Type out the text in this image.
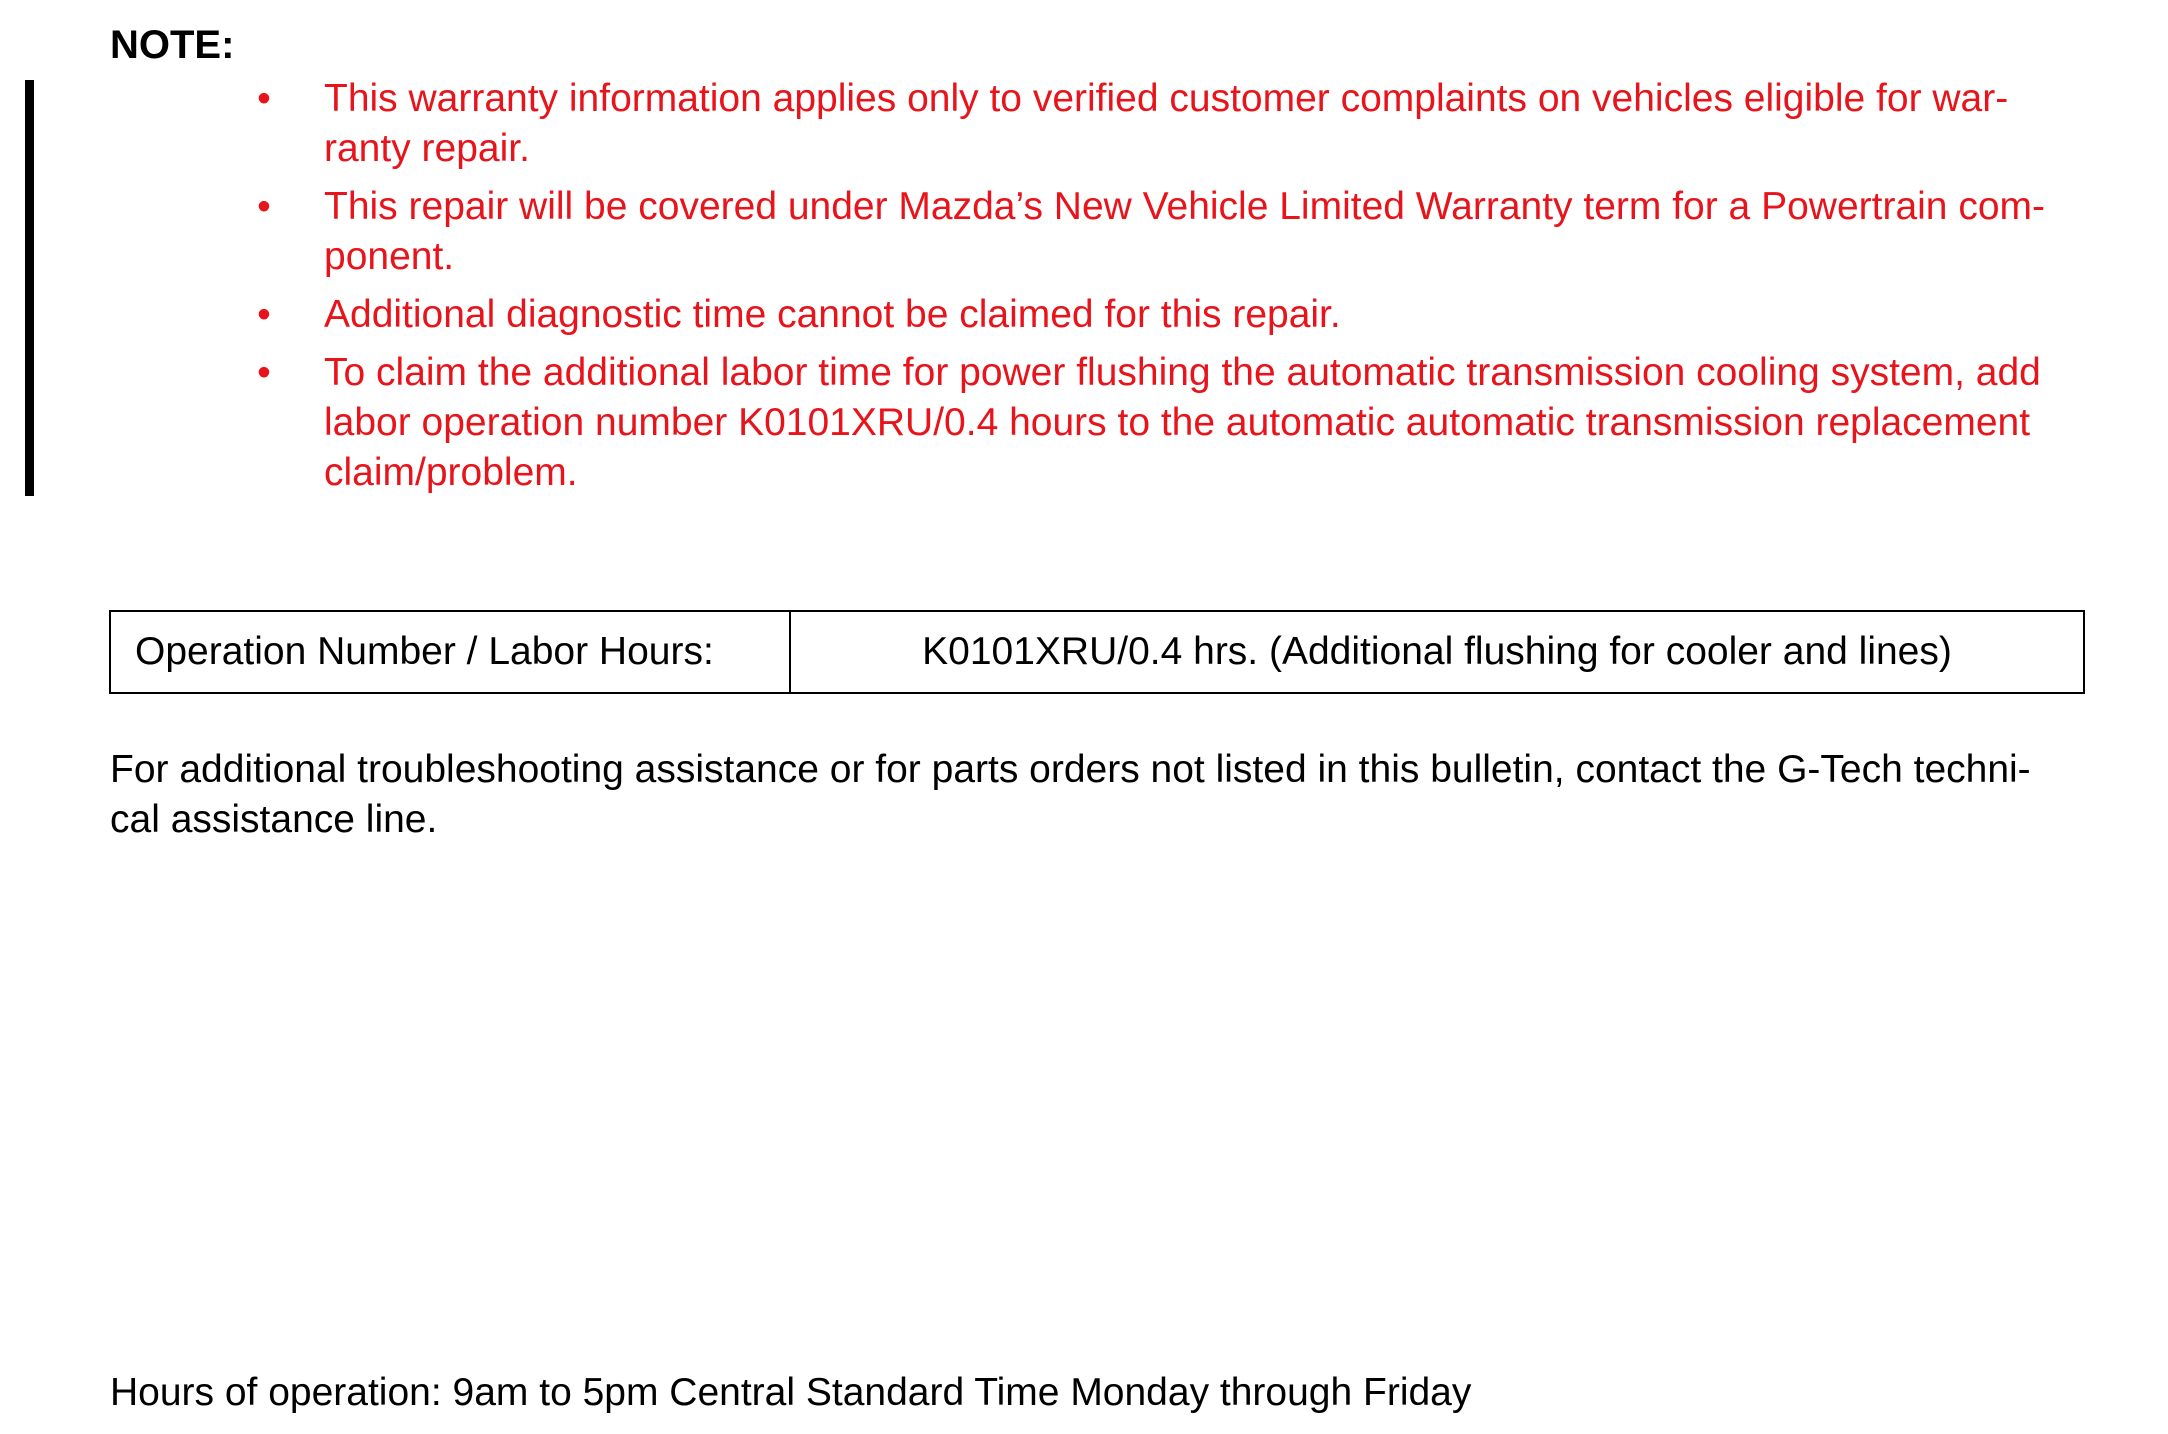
NOTE:
• This warranty information applies only to verified customer complaints on vehicles eligible for war-
ranty repair.
• This repair will be covered under Mazda’s New Vehicle Limited Warranty term for a Powertrain com-
ponent.
• Additional diagnostic time cannot be claimed for this repair.
• To claim the additional labor time for power flushing the automatic transmission cooling system, add
labor operation number K0101XRU/0.4 hours to the automatic automatic transmission replacement
claim/problem.
Operation Number / Labor Hours:	K0101XRU/0.4 hrs. (Additional flushing for cooler and lines)

For additional troubleshooting assistance or for parts orders not listed in this bulletin, contact the G-Tech techni-
cal assistance line.

Hours of operation: 9am to 5pm Central Standard Time Monday through Friday
